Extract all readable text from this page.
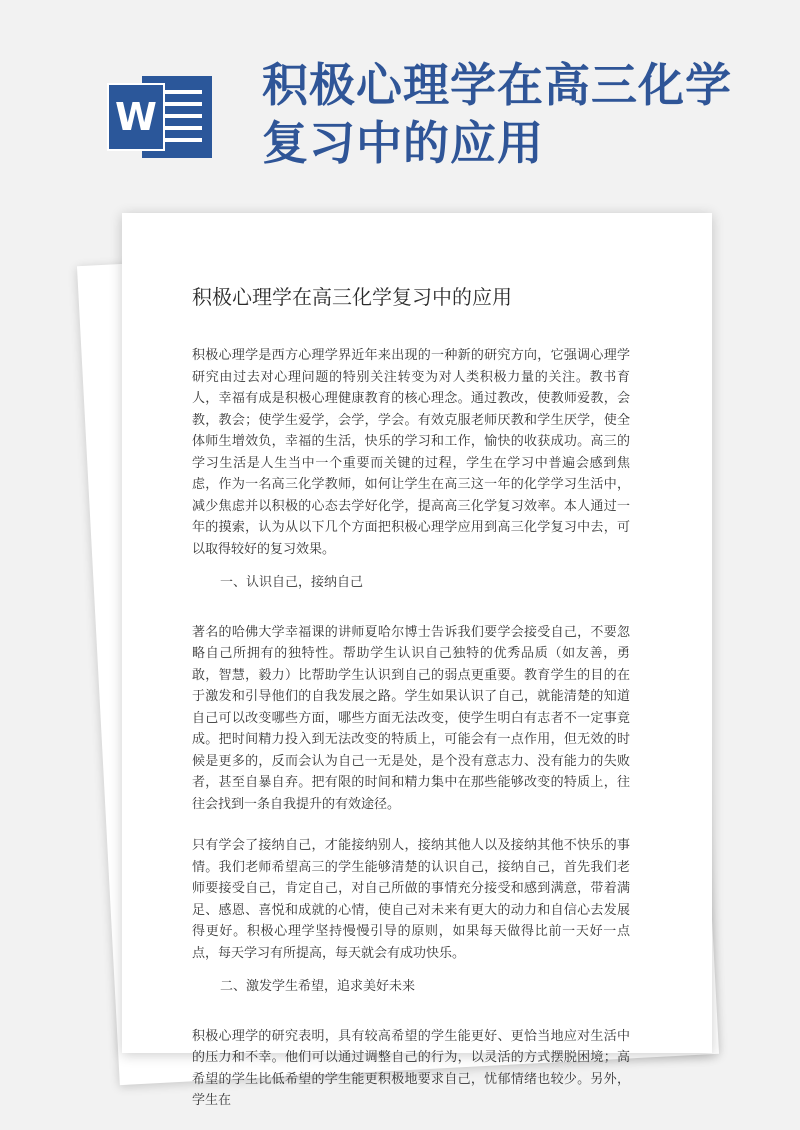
W
积极心理学在高三化学
复习中的应用
积极心理学在高三化学复习中的应用

积极心理学是西方心理学界近年来出现的一种新的研究方向，它强调心理学研究由过去对心理问题的特别关注转变为对人类积极力量的关注。教书育人，幸福有成是积极心理健康教育的核心理念。通过教改，使教师爱教，会教，教会；使学生爱学，会学，学会。有效克服老师厌教和学生厌学，使全体师生增效负，幸福的生活，快乐的学习和工作，愉快的收获成功。高三的学习生活是人生当中一个重要而关键的过程，学生在学习中普遍会感到焦虑，作为一名高三化学教师，如何让学生在高三这一年的化学学习生活中，减少焦虑并以积极的心态去学好化学，提高高三化学复习效率。本人通过一年的摸索，认为从以下几个方面把积极心理学应用到高三化学复习中去，可以取得较好的复习效果。

一、认识自己，接纳自己

著名的哈佛大学幸福课的讲师夏哈尔博士告诉我们要学会接受自己，不要忽略自己所拥有的独特性。帮助学生认识自己独特的优秀品质（如友善，勇敢，智慧，毅力）比帮助学生认识到自己的弱点更重要。教育学生的目的在于激发和引导他们的自我发展之路。学生如果认识了自己，就能清楚的知道自己可以改变哪些方面，哪些方面无法改变，使学生明白有志者不一定事竟成。把时间精力投入到无法改变的特质上，可能会有一点作用，但无效的时候是更多的，反而会认为自己一无是处，是个没有意志力、没有能力的失败者，甚至自暴自弃。把有限的时间和精力集中在那些能够改变的特质上，往往会找到一条自我提升的有效途径。

只有学会了接纳自己，才能接纳别人，接纳其他人以及接纳其他不快乐的事情。我们老师希望高三的学生能够清楚的认识自己，接纳自己，首先我们老师要接受自己，肯定自己，对自己所做的事情充分接受和感到满意，带着满足、感恩、喜悦和成就的心情，使自己对未来有更大的动力和自信心去发展得更好。积极心理学坚持慢慢引导的原则，如果每天做得比前一天好一点点，每天学习有所提高，每天就会有成功快乐。

二、激发学生希望，追求美好未来

积极心理学的研究表明，具有较高希望的学生能更好、更恰当地应对生活中的压力和不幸。他们可以通过调整自己的行为，以灵活的方式摆脱困境；高希望的学生比低希望的学生能更积极地要求自己，忧郁情绪也较少。另外，学生在
